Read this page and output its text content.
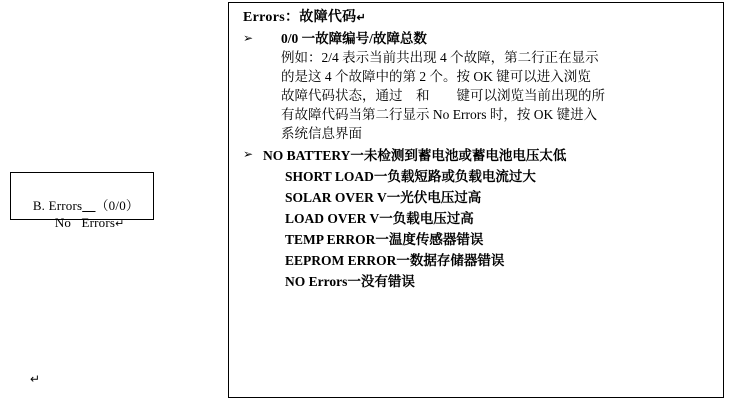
B. Errors＿（0/0）

No   Errors↵

↵
Errors：故障代码↵
➢	0/0 一故障编号/故障总数
例如：2/4 表示当前共出现 4 个故障，第二行正在显示
的是这 4 个故障中的第 2 个。按 OK 键可以进入浏览
故障代码状态，通过　和　　键可以浏览当前出现的所
有故障代码当第二行显示 No Errors 时，按 OK 键进入
系统信息界面
➢ NO BATTERY一未检测到蓄电池或蓄电池电压太低
SHORT LOAD一负载短路或负载电流过大
SOLAR OVER V一光伏电压过高
LOAD OVER V一负载电压过高
TEMP ERROR一温度传感器错误
EEPROM ERROR一数据存储器错误
NO Errors一没有错误
